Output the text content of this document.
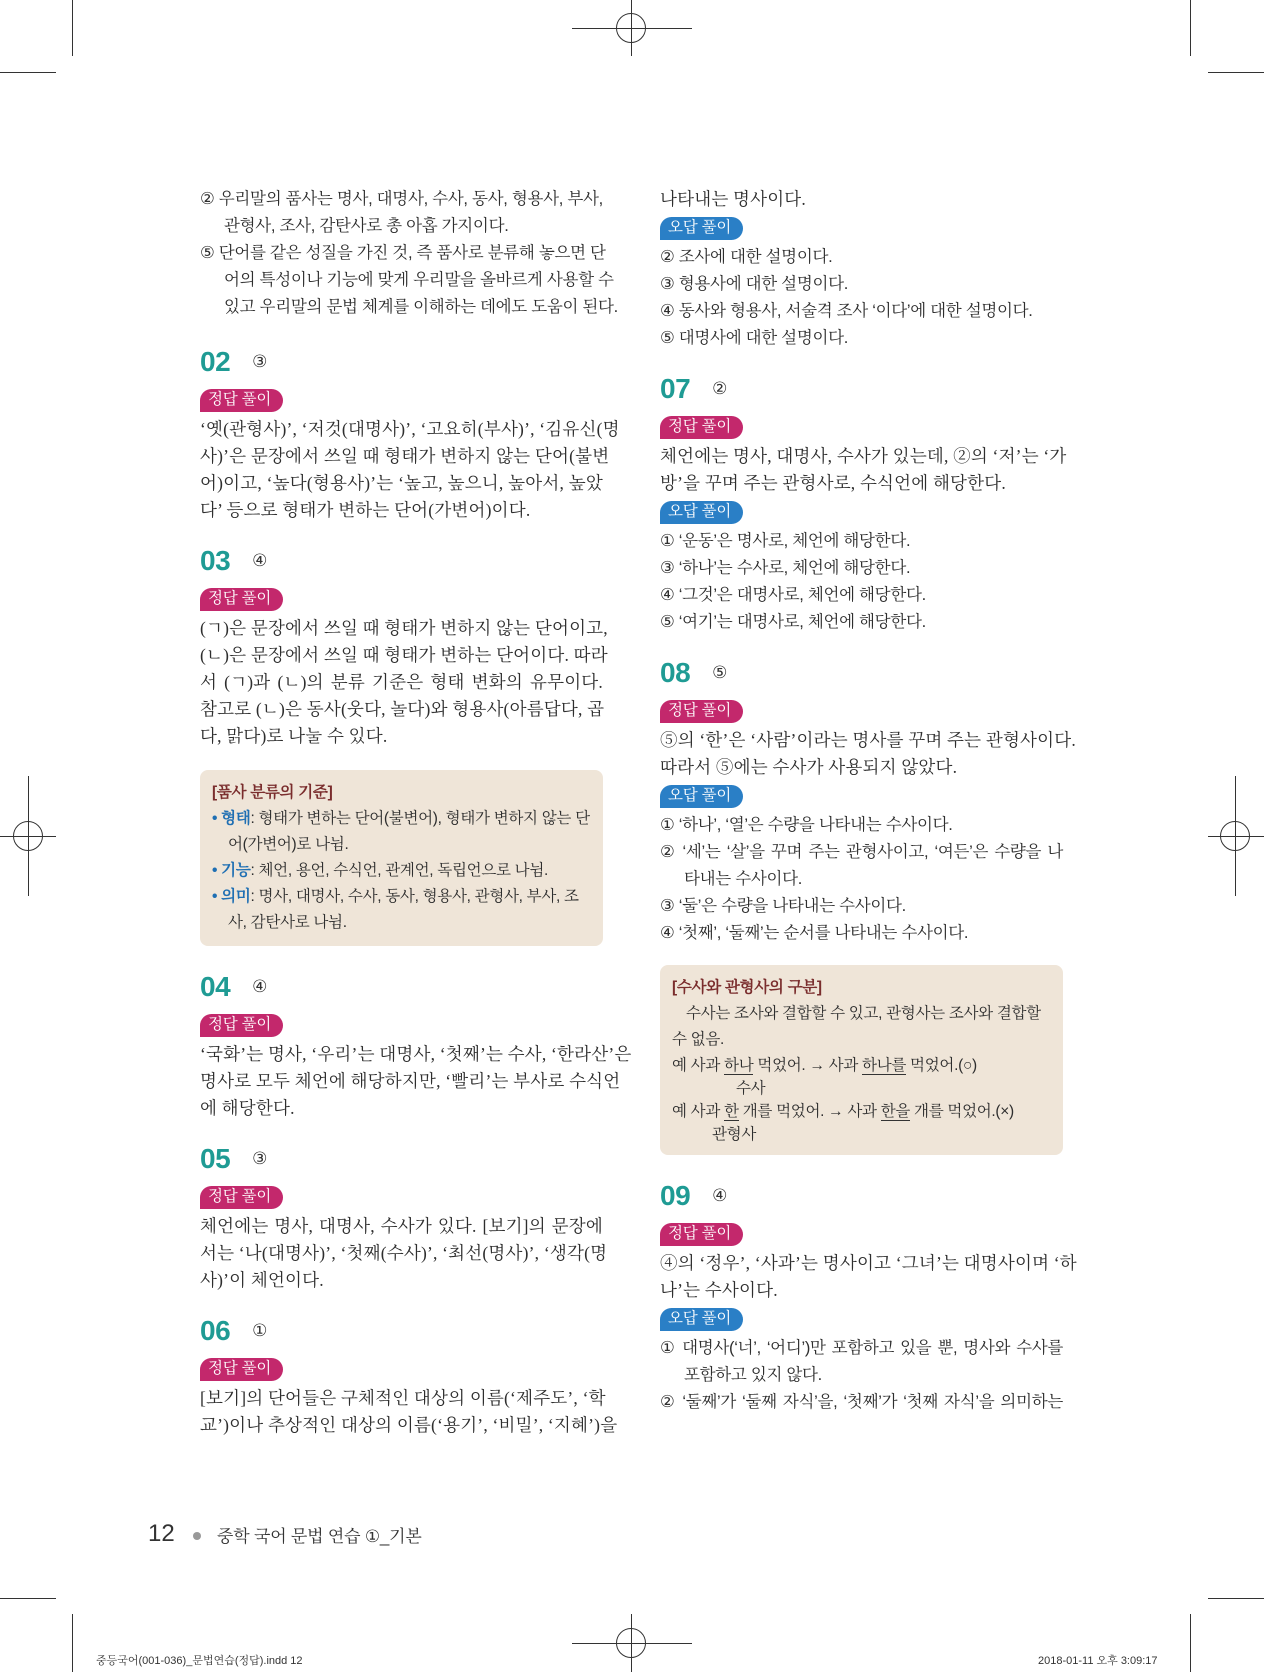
② 우리말의 품사는 명사, 대명사, 수사, 동사, 형용사, 부사,

관형사, 조사, 감탄사로 총 아홉 가지이다.

⑤ 단어를 같은 성질을 가진 것, 즉 품사로 분류해 놓으면 단

어의 특성이나 기능에 맞게 우리말을 올바르게 사용할 수

있고 우리말의 문법 체계를 이해하는 데에도 도움이 된다.

02 ③
정답 풀이

‘옛(관형사)’, ‘저것(대명사)’, ‘고요히(부사)’, ‘김유신(명

사)’은 문장에서 쓰일 때 형태가 변하지 않는 단어(불변

어)이고, ‘높다(형용사)’는 ‘높고, 높으니, 높아서, 높았

다’ 등으로 형태가 변하는 단어(가변어)이다.

03 ④
정답 풀이

(ㄱ)은 문장에서 쓰일 때 형태가 변하지 않는 단어이고,

(ㄴ)은 문장에서 쓰일 때 형태가 변하는 단어이다. 따라

서 (ㄱ)과 (ㄴ)의 분류 기준은 형태 변화의 유무이다.

참고로 (ㄴ)은 동사(웃다, 놀다)와 형용사(아름답다, 곱

다, 맑다)로 나눌 수 있다.

[품사 분류의 기준]

• 형태: 형태가 변하는 단어(불변어), 형태가 변하지 않는 단

어(가변어)로 나뉨.

• 기능: 체언, 용언, 수식언, 관계언, 독립언으로 나뉨.

• 의미: 명사, 대명사, 수사, 동사, 형용사, 관형사, 부사, 조

사, 감탄사로 나뉨.

04 ④
정답 풀이

‘국화’는 명사, ‘우리’는 대명사, ‘첫째’는 수사, ‘한라산’은

명사로 모두 체언에 해당하지만, ‘빨리’는 부사로 수식언

에 해당한다.

05 ③
정답 풀이

체언에는 명사, 대명사, 수사가 있다. [보기]의 문장에

서는 ‘나(대명사)’, ‘첫째(수사)’, ‘최선(명사)’, ‘생각(명

사)’이 체언이다.

06 ①
정답 풀이

[보기]의 단어들은 구체적인 대상의 이름(‘제주도’, ‘학

교’)이나 추상적인 대상의 이름(‘용기’, ‘비밀’, ‘지혜’)을

나타내는 명사이다.

오답 풀이

② 조사에 대한 설명이다.

③ 형용사에 대한 설명이다.

④ 동사와 형용사, 서술격 조사 ‘이다’에 대한 설명이다.

⑤ 대명사에 대한 설명이다.

07 ②
정답 풀이

체언에는 명사, 대명사, 수사가 있는데, ②의 ‘저’는 ‘가

방’을 꾸며 주는 관형사로, 수식언에 해당한다.

오답 풀이

① ‘운동’은 명사로, 체언에 해당한다.

③ ‘하나’는 수사로, 체언에 해당한다.

④ ‘그것’은 대명사로, 체언에 해당한다.

⑤ ‘여기’는 대명사로, 체언에 해당한다.

08 ⑤
정답 풀이

⑤의 ‘한’은 ‘사람’이라는 명사를 꾸며 주는 관형사이다.

따라서 ⑤에는 수사가 사용되지 않았다.

오답 풀이

① ‘하나’, ‘열’은 수량을 나타내는 수사이다.

② ‘세’는 ‘살’을 꾸며 주는 관형사이고, ‘여든’은 수량을 나

타내는 수사이다.

③ ‘둘’은 수량을 나타내는 수사이다.

④ ‘첫째’, ‘둘째’는 순서를 나타내는 수사이다.

[수사와 관형사의 구분]

수사는 조사와 결합할 수 있고, 관형사는 조사와 결합할

수 없음.

예 사과 하나 먹었어. → 사과 하나를 먹었어.(○)

수사

예 사과 한 개를 먹었어. → 사과 한을 개를 먹었어.(×)

관형사

09 ④
정답 풀이

④의 ‘정우’, ‘사과’는 명사이고 ‘그녀’는 대명사이며 ‘하

나’는 수사이다.

오답 풀이

① 대명사(‘너’, ‘어디’)만 포함하고 있을 뿐, 명사와 수사를

포함하고 있지 않다.

② ‘둘째’가 ‘둘째 자식’을, ‘첫째’가 ‘첫째 자식’을 의미하는

12 중학 국어 문법 연습 ①_기본
중등국어(001-036)_문법연습(정답).indd 12	2018-01-11 오후 3:09:17
